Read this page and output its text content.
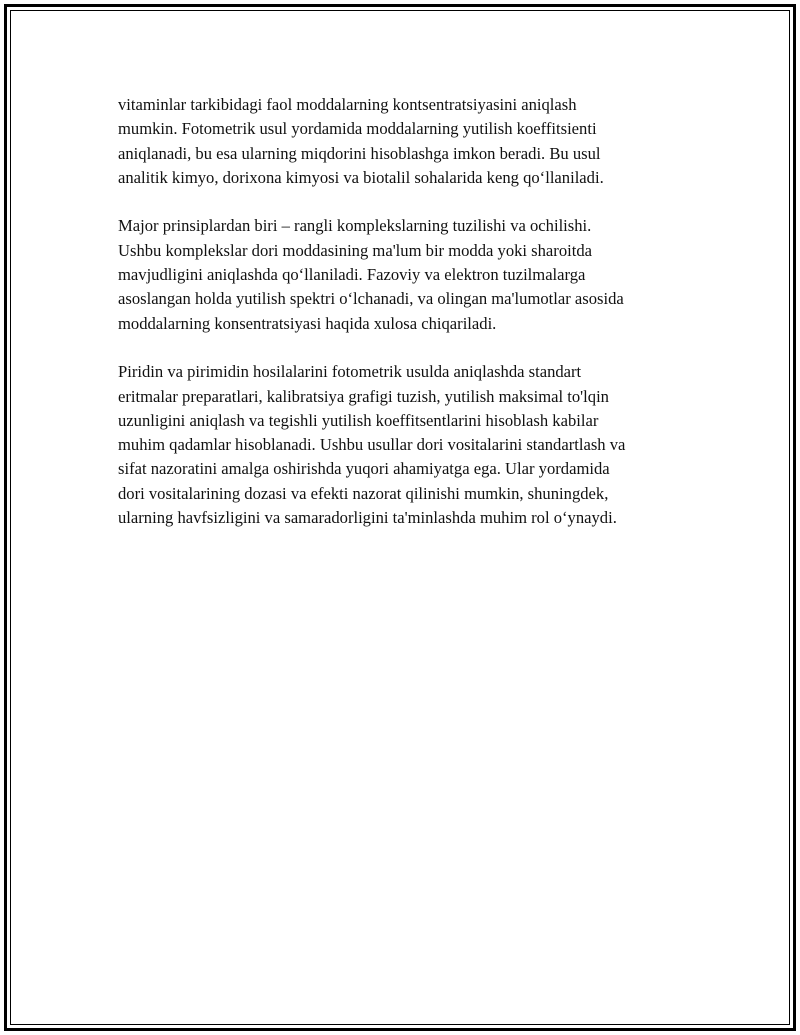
vitaminlar tarkibidagi faol moddalarning kontsentratsiyasini aniqlash
mumkin. Fotometrik usul yordamida moddalarning yutilish koeffitsienti
aniqlanadi, bu esa ularning miqdorini hisoblashga imkon beradi. Bu usul
analitik kimyo, dorixona kimyosi va biotalil sohalarida keng qo‘llaniladi.

Major prinsiplardan biri – rangli komplekslarning tuzilishi va ochilishi.
Ushbu komplekslar dori moddasining ma'lum bir modda yoki sharoitda
mavjudligini aniqlashda qo‘llaniladi. Fazoviy va elektron tuzilmalarga
asoslangan holda yutilish spektri o‘lchanadi, va olingan ma'lumotlar asosida
moddalarning konsentratsiyasi haqida xulosa chiqariladi.

Piridin va pirimidin hosilalarini fotometrik usulda aniqlashda standart
eritmalar preparatlari, kalibratsiya grafigi tuzish, yutilish maksimal to'lqin
uzunligini aniqlash va tegishli yutilish koeffitsentlarini hisoblash kabilar
muhim qadamlar hisoblanadi. Ushbu usullar dori vositalarini standartlash va
sifat nazoratini amalga oshirishda yuqori ahamiyatga ega. Ular yordamida
dori vositalarining dozasi va efekti nazorat qilinishi mumkin, shuningdek,
ularning havfsizligini va samaradorligini ta'minlashda muhim rol o‘ynaydi.
